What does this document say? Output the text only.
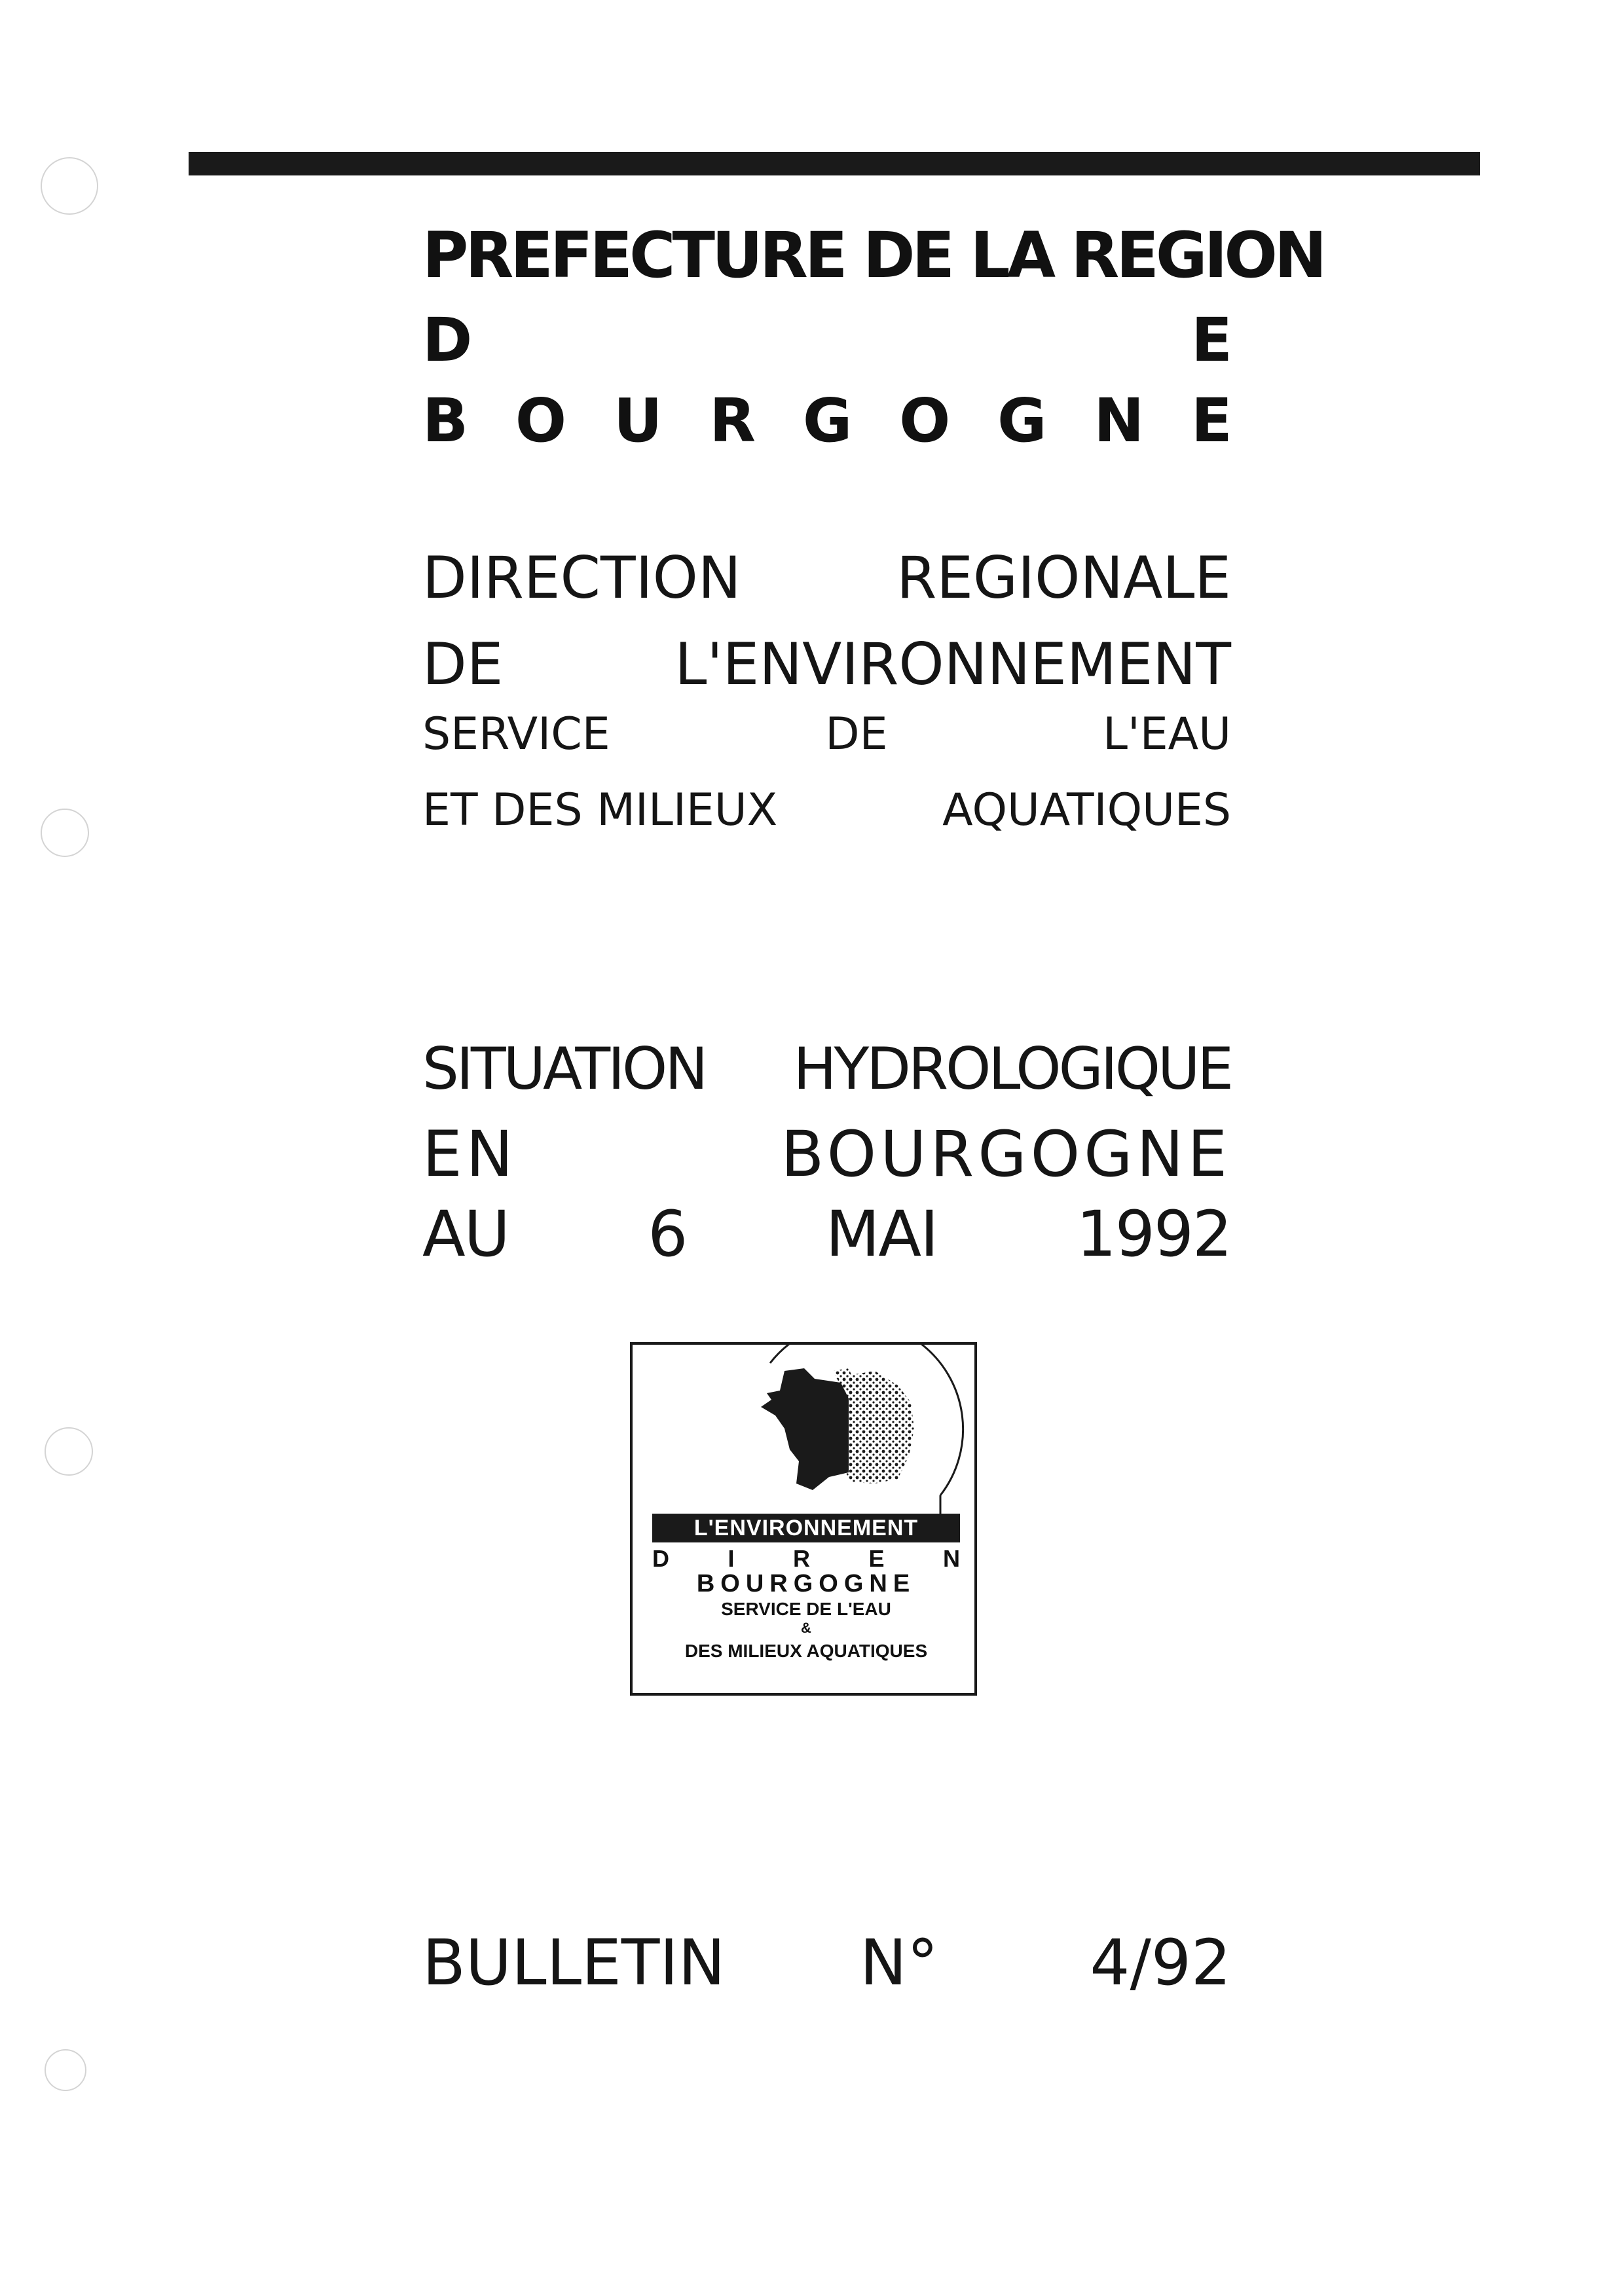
PREFECTURE DE LA REGION
D	E
B O U R G O G N E
DIRECTION	REGIONALE
DE	L'ENVIRONNEMENT
SERVICE	DE	L'EAU
ET DES MILIEUX	AQUATIQUES
SITUATION HYDROLOGIQUE
EN	BOURGOGNE
AU 6 MAI 1992
L'ENVIRONNEMENT
D I R E N
BOURGOGNE
SERVICE DE L'EAU
&
DES MILIEUX AQUATIQUES
BULLETIN N° 4/92
